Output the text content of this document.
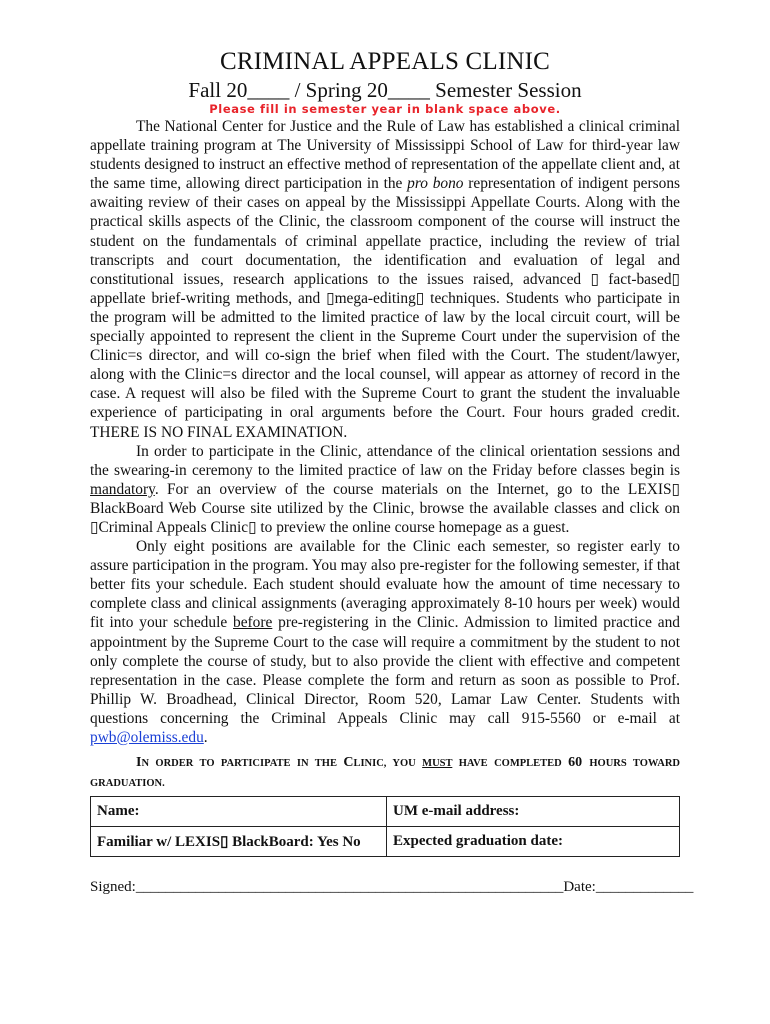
CRIMINAL APPEALS CLINIC
Fall 20____ / Spring 20____ Semester Session
Please fill in semester year in blank space above.

The National Center for Justice and the Rule of Law has established a clinical criminal appellate training program at The University of Mississippi School of Law for third-year law students designed to instruct an effective method of representation of the appellate client and, at the same time, allowing direct participation in the pro bono representation of indigent persons awaiting review of their cases on appeal by the Mississippi Appellate Courts. Along with the practical skills aspects of the Clinic, the classroom component of the course will instruct the student on the fundamentals of criminal appellate practice, including the review of trial transcripts and court documentation, the identification and evaluation of legal and constitutional issues, research applications to the issues raised, advanced ▯ fact-based▯ appellate brief-writing methods, and ▯mega-editing▯ techniques. Students who participate in the program will be admitted to the limited practice of law by the local circuit court, will be specially appointed to represent the client in the Supreme Court under the supervision of the Clinic=s director, and will co-sign the brief when filed with the Court. The student/lawyer, along with the Clinic=s director and the local counsel, will appear as attorney of record in the case. A request will also be filed with the Supreme Court to grant the student the invaluable experience of participating in oral arguments before the Court. Four hours graded credit. THERE IS NO FINAL EXAMINATION.

In order to participate in the Clinic, attendance of the clinical orientation sessions and the swearing-in ceremony to the limited practice of law on the Friday before classes begin is mandatory. For an overview of the course materials on the Internet, go to the LEXIS▯ BlackBoard Web Course site utilized by the Clinic, browse the available classes and click on ▯Criminal Appeals Clinic▯ to preview the online course homepage as a guest.

Only eight positions are available for the Clinic each semester, so register early to assure participation in the program. You may also pre-register for the following semester, if that better fits your schedule. Each student should evaluate how the amount of time necessary to complete class and clinical assignments (averaging approximately 8-10 hours per week) would fit into your schedule before pre-registering in the Clinic. Admission to limited practice and appointment by the Supreme Court to the case will require a commitment by the student to not only complete the course of study, but to also provide the client with effective and competent representation in the case. Please complete the form and return as soon as possible to Prof. Phillip W. Broadhead, Clinical Director, Room 520, Lamar Law Center. Students with questions concerning the Criminal Appeals Clinic may call 915-5560 or e-mail at pwb@olemiss.edu.

IN ORDER TO PARTICIPATE IN THE CLINIC, YOU MUST HAVE COMPLETED 60 HOURS TOWARD GRADUATION.
Name:	UM e-mail address:
Familiar w/ LEXIS▯ BlackBoard: Yes No	Expected graduation date:
Signed:_________________________________________________________ Date:_____________
